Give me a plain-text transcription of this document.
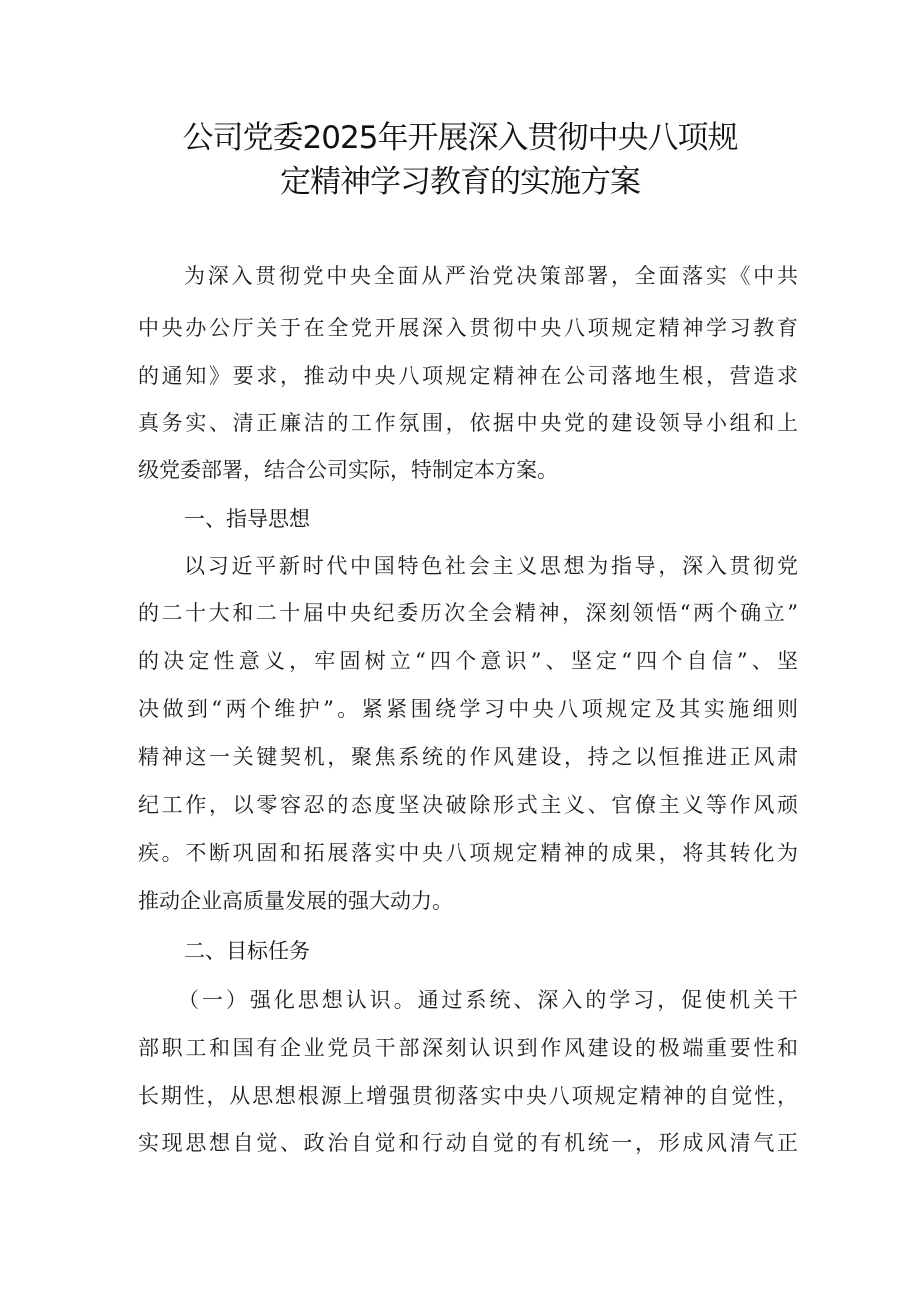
公司党委2025年开展深入贯彻中央八项规
定精神学习教育的实施方案
为深入贯彻党中央全面从严治党决策部署，全面落实《中共
中央办公厅关于在全党开展深入贯彻中央八项规定精神学习教育
的通知》要求，推动中央八项规定精神在公司落地生根，营造求
真务实、清正廉洁的工作氛围，依据中央党的建设领导小组和上
级党委部署，结合公司实际，特制定本方案。
一、指导思想
以习近平新时代中国特色社会主义思想为指导，深入贯彻党
的二十大和二十届中央纪委历次全会精神，深刻领悟“两个确立”
的决定性意义，牢固树立“四个意识”、坚定“四个自信”、坚
决做到“两个维护”。紧紧围绕学习中央八项规定及其实施细则
精神这一关键契机，聚焦系统的作风建设，持之以恒推进正风肃
纪工作，以零容忍的态度坚决破除形式主义、官僚主义等作风顽
疾。不断巩固和拓展落实中央八项规定精神的成果，将其转化为
推动企业高质量发展的强大动力。
二、目标任务
（一）强化思想认识。通过系统、深入的学习，促使机关干
部职工和国有企业党员干部深刻认识到作风建设的极端重要性和
长期性，从思想根源上增强贯彻落实中央八项规定精神的自觉性，
实现思想自觉、政治自觉和行动自觉的有机统一，形成风清气正
